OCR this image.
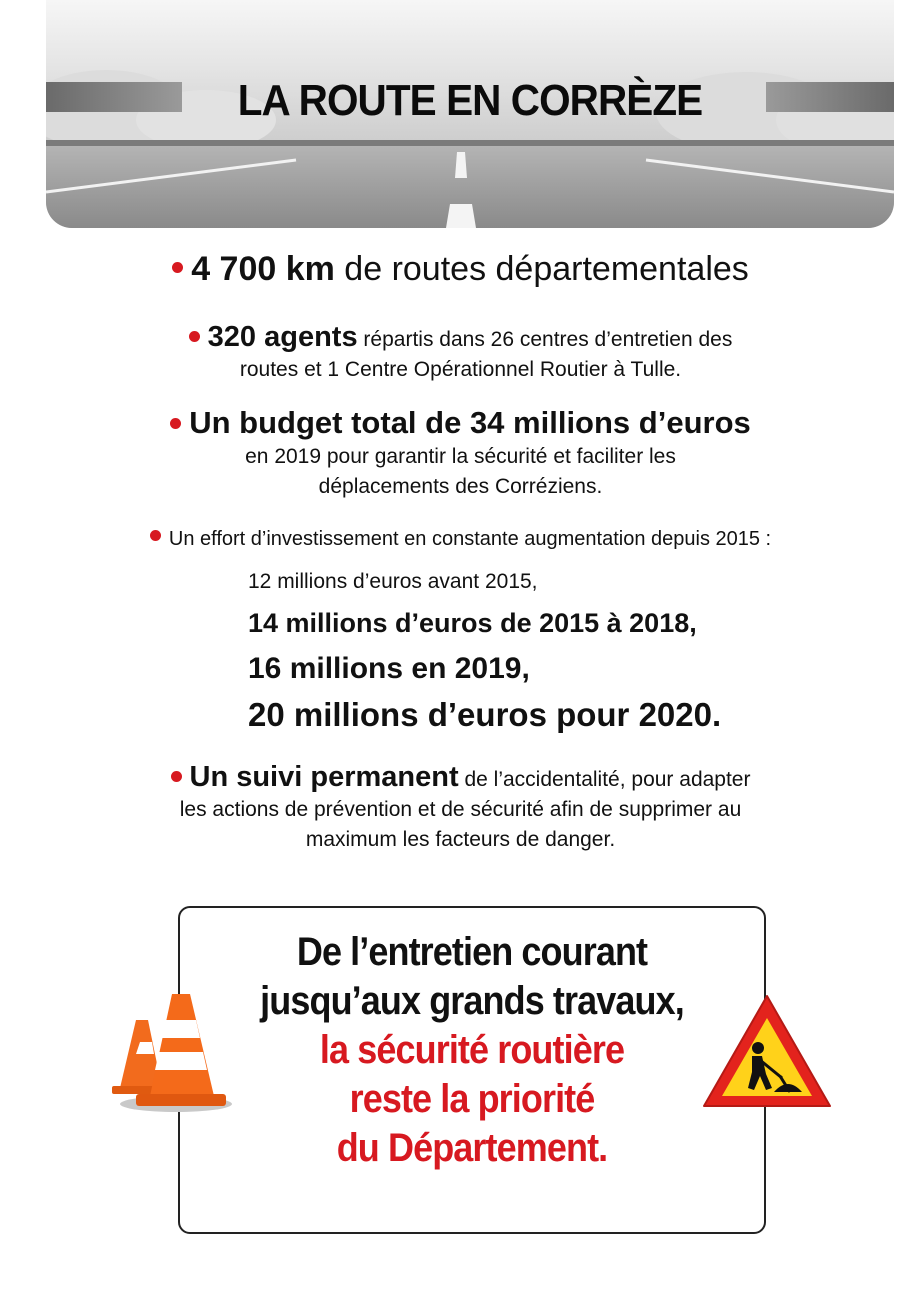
LA ROUTE EN CORRÈZE
4 700 km de routes départementales
320 agents répartis dans 26 centres d’entretien des
routes et 1 Centre Opérationnel Routier à Tulle.
Un budget total de 34 millions d’euros
en 2019 pour garantir la sécurité et faciliter les
déplacements des Corréziens.
Un effort d’investissement en constante augmentation depuis 2015 :
12 millions d’euros avant 2015,
14 millions d’euros de 2015 à 2018,
16 millions en 2019,
20 millions d’euros pour 2020.
Un suivi permanent de l’accidentalité, pour adapter
les actions de prévention et de sécurité afin de supprimer au
maximum les facteurs de danger.
De l’entretien courant
jusqu’aux grands travaux,
la sécurité routière
reste la priorité
du Département.
